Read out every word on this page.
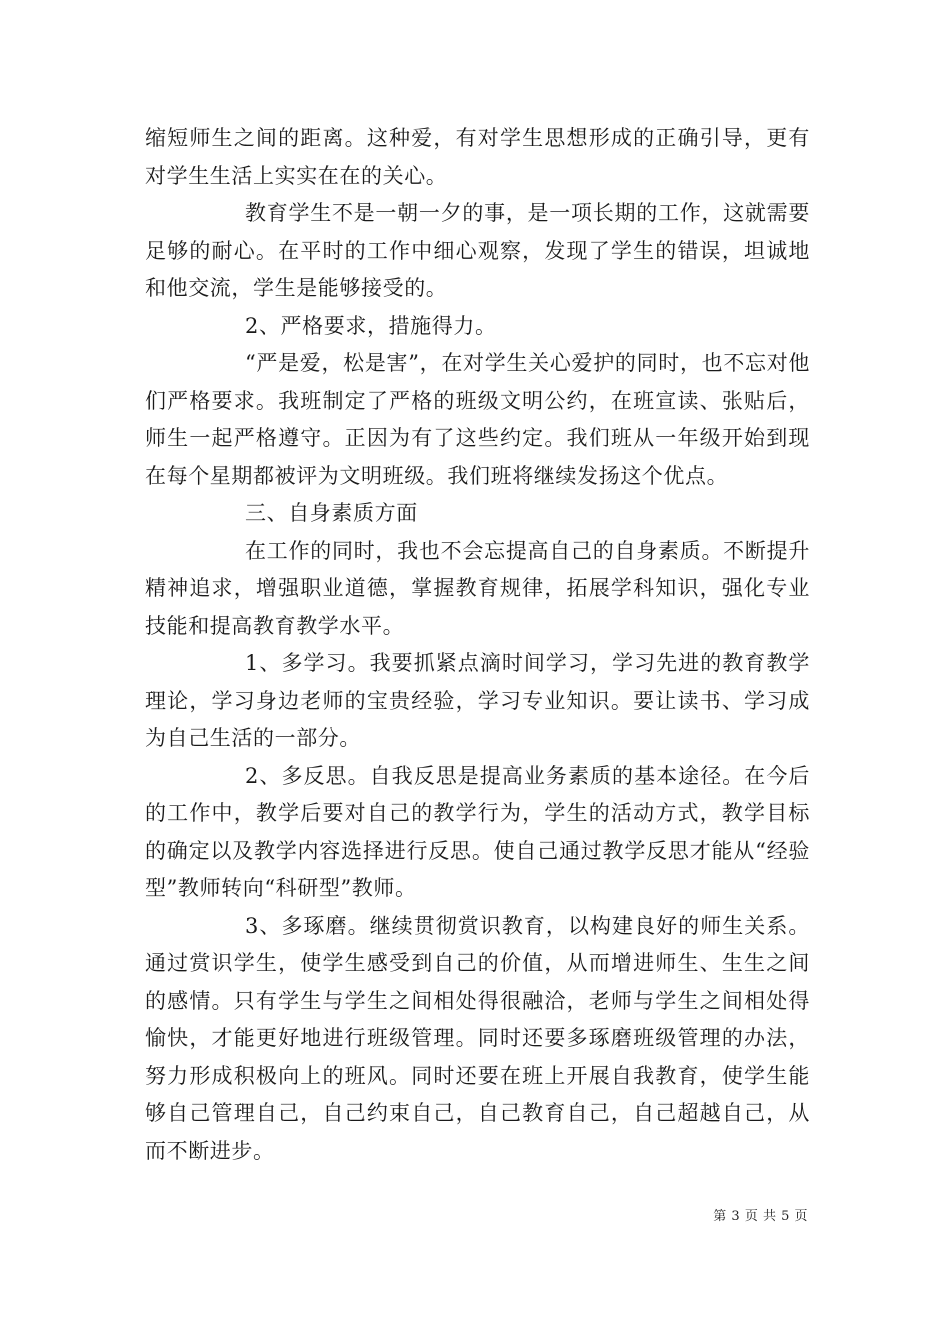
缩短师生之间的距离。这种爱，有对学生思想形成的正确引导，更有对学生生活上实实在在的关心。

教育学生不是一朝一夕的事，是一项长期的工作，这就需要足够的耐心。在平时的工作中细心观察，发现了学生的错误，坦诚地和他交流，学生是能够接受的。

2、严格要求，措施得力。

“严是爱，松是害”，在对学生关心爱护的同时，也不忘对他们严格要求。我班制定了严格的班级文明公约，在班宣读、张贴后，师生一起严格遵守。正因为有了这些约定。我们班从一年级开始到现在每个星期都被评为文明班级。我们班将继续发扬这个优点。

三、自身素质方面

在工作的同时，我也不会忘提高自己的自身素质。不断提升精神追求，增强职业道德，掌握教育规律，拓展学科知识，强化专业技能和提高教育教学水平。

1、多学习。我要抓紧点滴时间学习，学习先进的教育教学理论，学习身边老师的宝贵经验，学习专业知识。要让读书、学习成为自己生活的一部分。

2、多反思。自我反思是提高业务素质的基本途径。在今后的工作中，教学后要对自己的教学行为，学生的活动方式，教学目标的确定以及教学内容选择进行反思。使自己通过教学反思才能从“经验型”教师转向“科研型”教师。

3、多琢磨。继续贯彻赏识教育，以构建良好的师生关系。通过赏识学生，使学生感受到自己的价值，从而增进师生、生生之间的感情。只有学生与学生之间相处得很融洽，老师与学生之间相处得愉快，才能更好地进行班级管理。同时还要多琢磨班级管理的办法，努力形成积极向上的班风。同时还要在班上开展自我教育，使学生能够自己管理自己，自己约束自己，自己教育自己，自己超越自己，从而不断进步。

第 3 页 共 5 页
